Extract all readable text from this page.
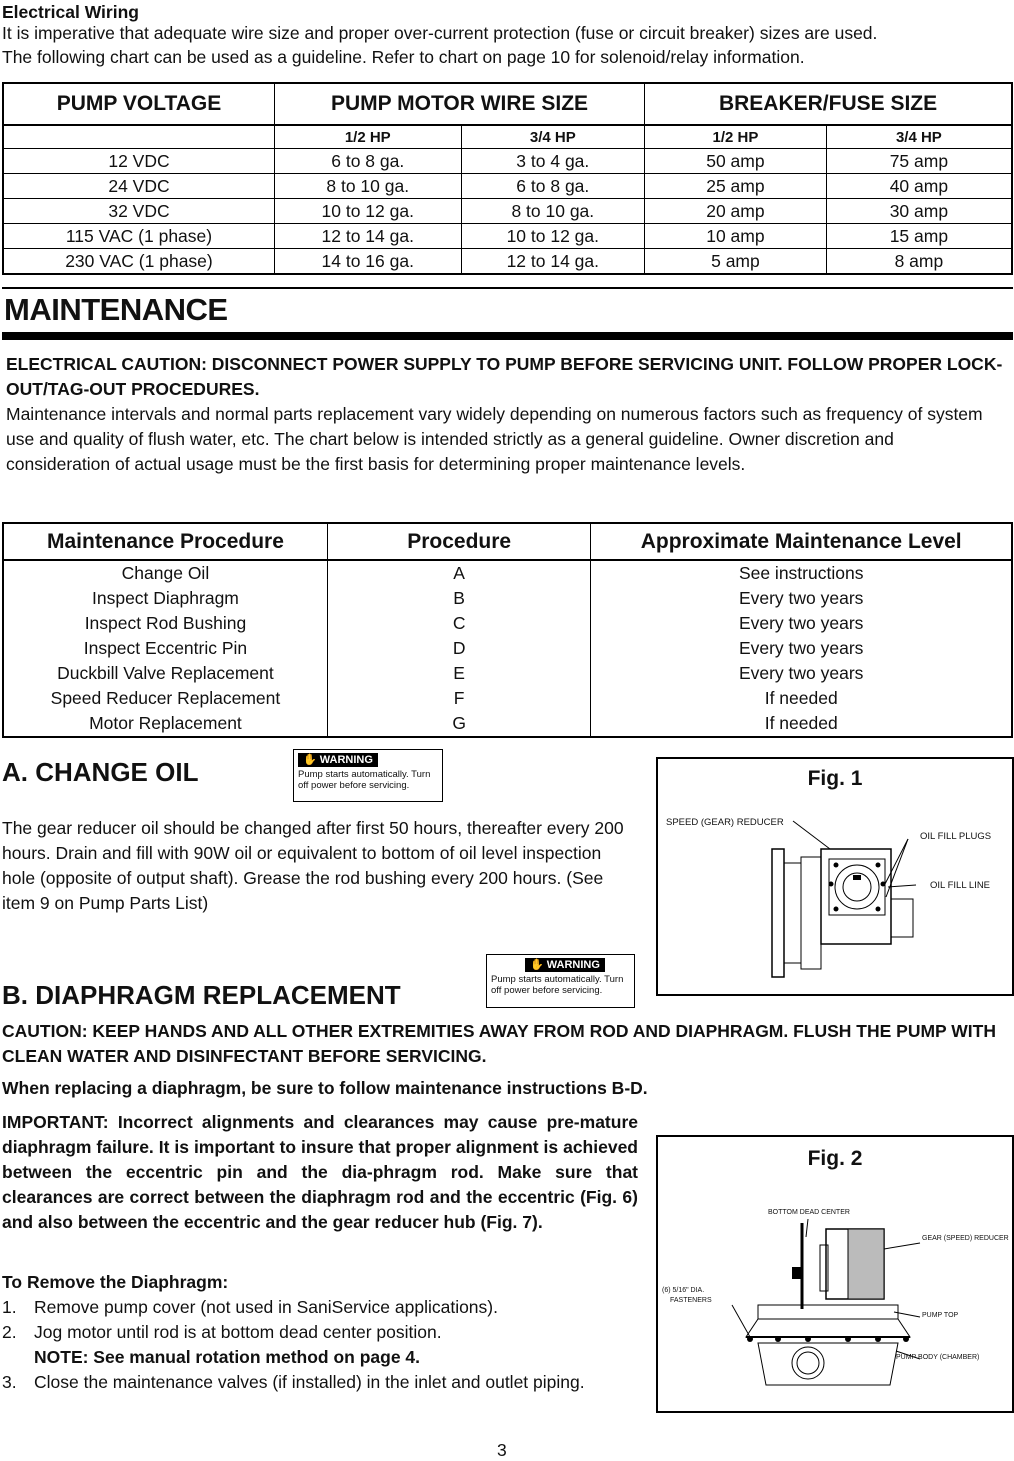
Electrical Wiring
It is imperative that adequate wire size and proper over-current protection (fuse or circuit breaker) sizes are used.
The following chart can be used as a guideline. Refer to chart on page 10 for solenoid/relay information.
PUMP VOLTAGE	PUMP MOTOR WIRE SIZE		BREAKER/FUSE SIZE	
	1/2 HP	3/4 HP	1/2 HP	3/4 HP
12 VDC	6 to 8 ga.	3 to 4 ga.	50 amp	75 amp
24 VDC	8 to 10 ga.	6 to 8 ga.	25 amp	40 amp
32 VDC	10 to 12 ga.	8 to 10 ga.	20 amp	30 amp
115 VAC (1 phase)	12 to 14 ga.	10 to 12 ga.	10 amp	15 amp
230 VAC (1 phase)	14 to 16 ga.	12 to 14 ga.	5 amp	8 amp
MAINTENANCE
ELECTRICAL CAUTION: DISCONNECT POWER SUPPLY TO PUMP BEFORE SERVICING UNIT. FOLLOW PROPER LOCK-OUT/TAG-OUT PROCEDURES.
Maintenance intervals and normal parts replacement vary widely depending on numerous factors such as frequency of system use and quality of flush water, etc. The chart below is intended strictly as a general guideline. Owner discretion and consideration of actual usage must be the first basis for determining proper maintenance levels.
Maintenance Procedure	Procedure	Approximate Maintenance Level
Change Oil	A	See instructions
Inspect Diaphragm	B	Every two years
Inspect Rod Bushing	C	Every two years
Inspect Eccentric Pin	D	Every two years
Duckbill Valve Replacement	E	Every two years
Speed Reducer Replacement	F	If needed
Motor Replacement	G	If needed
A. CHANGE OIL	✋ WARNING
Pump starts automatically. Turn off power before servicing.
The gear reducer oil should be changed after first 50 hours, thereafter every 200 hours. Drain and fill with 90W oil or equivalent to bottom of oil level inspection hole (opposite of output shaft). Grease the rod bushing every 200 hours. (See item 9 on Pump Parts List)
Fig. 1
SPEED (GEAR) REDUCER
OIL FILL PLUGS
OIL FILL LINE
B. DIAPHRAGM REPLACEMENT
✋ WARNING
Pump starts automatically. Turn off power before servicing.
CAUTION: KEEP HANDS AND ALL OTHER EXTREMITIES AWAY FROM ROD AND DIAPHRAGM. FLUSH THE PUMP WITH CLEAN WATER AND DISINFECTANT BEFORE SERVICING.
When replacing a diaphragm, be sure to follow maintenance instructions B-D.
IMPORTANT: Incorrect alignments and clearances may cause pre-mature diaphragm failure. It is important to insure that proper alignment is achieved between the eccentric pin and the dia-phragm rod. Make sure that clearances are correct between the diaphragm rod and the eccentric (Fig. 6) and also between the eccentric and the gear reducer hub (Fig. 7).
To Remove the Diaphragm:
1. Remove pump cover (not used in SaniService applications).
2. Jog motor until rod is at bottom dead center position.
NOTE: See manual rotation method on page 4.
3. Close the maintenance valves (if installed) in the inlet and outlet piping.
Fig. 2
BOTTOM DEAD CENTER
GEAR (SPEED) REDUCER
(6) 5/16" DIA.
FASTENERS
PUMP TOP
PUMP BODY (CHAMBER)
3
